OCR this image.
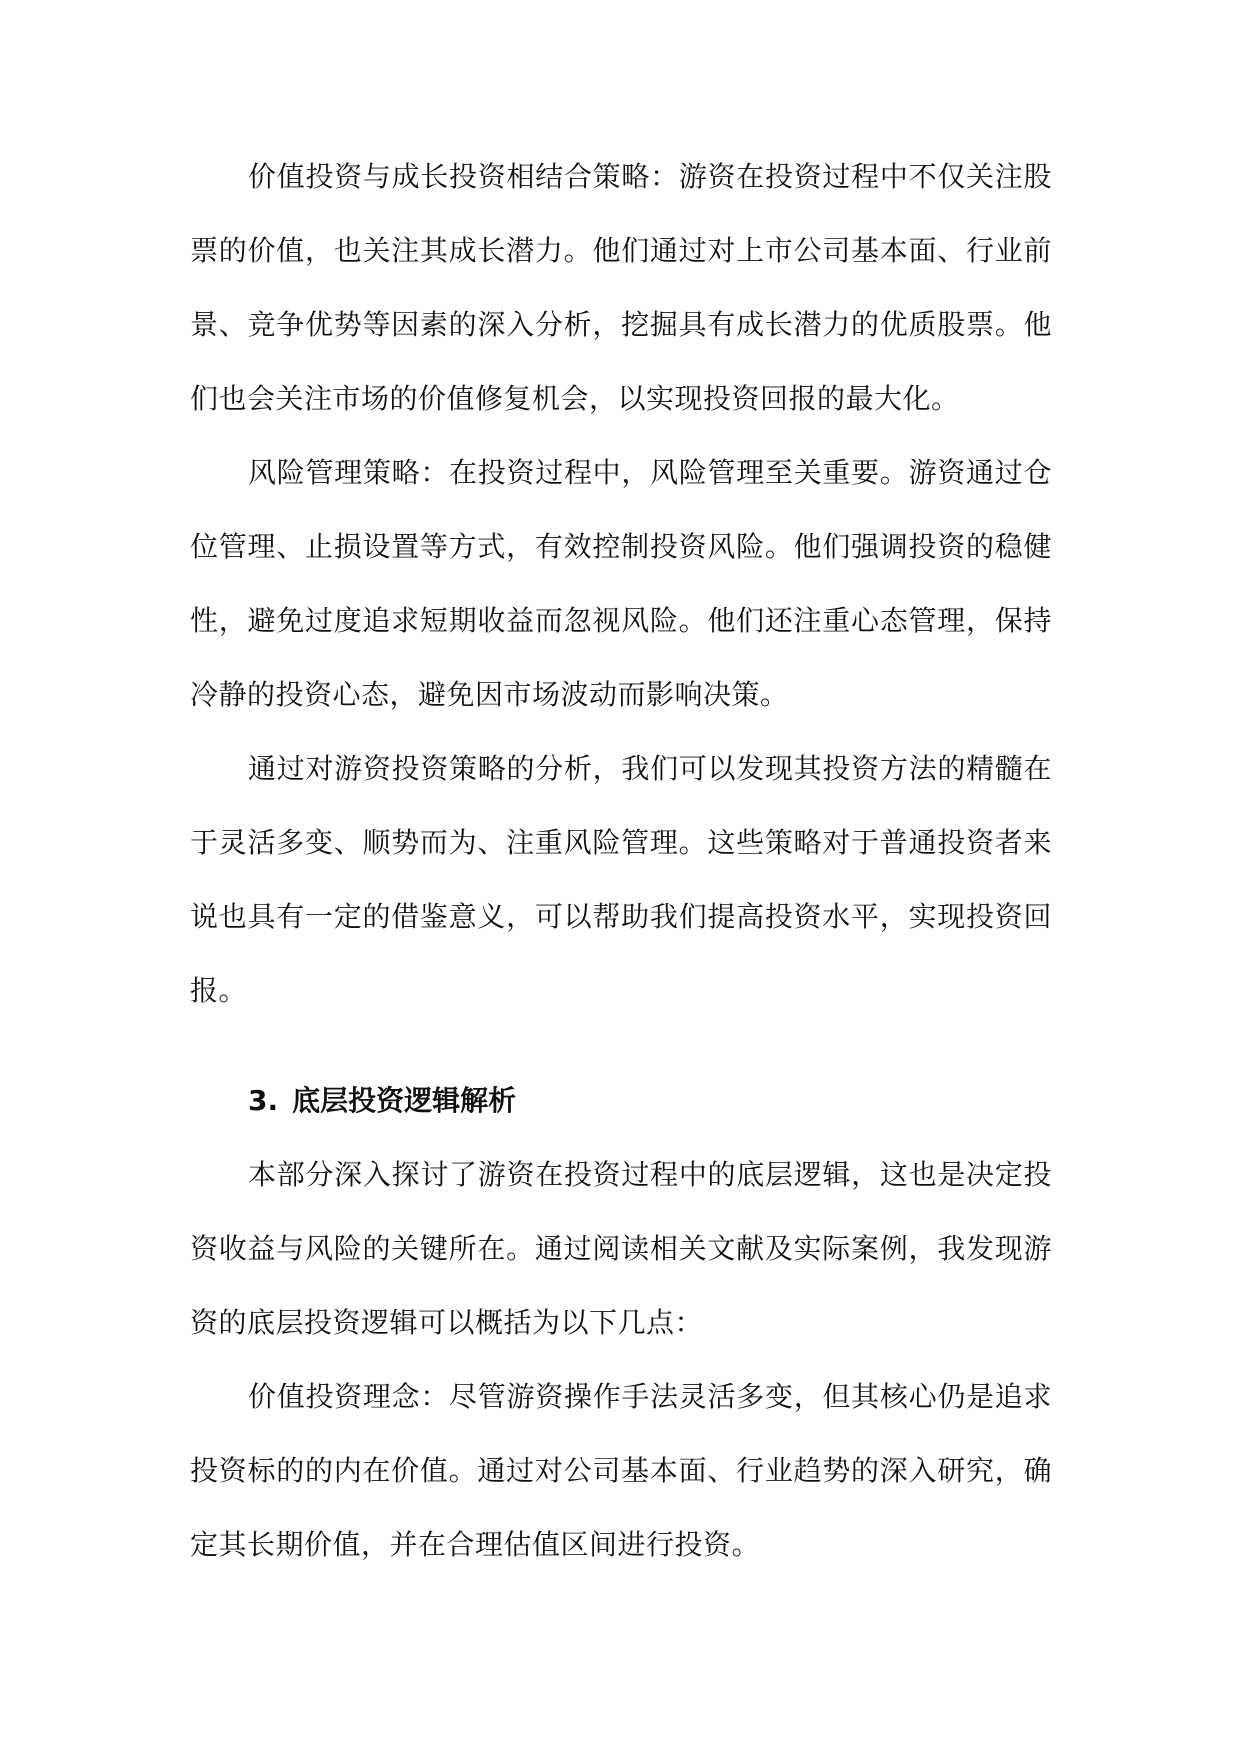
价值投资与成长投资相结合策略：游资在投资过程中不仅关注股票的价值，也关注其成长潜力。他们通过对上市公司基本面、行业前景、竞争优势等因素的深入分析，挖掘具有成长潜力的优质股票。他们也会关注市场的价值修复机会，以实现投资回报的最大化。

风险管理策略：在投资过程中，风险管理至关重要。游资通过仓位管理、止损设置等方式，有效控制投资风险。他们强调投资的稳健性，避免过度追求短期收益而忽视风险。他们还注重心态管理，保持冷静的投资心态，避免因市场波动而影响决策。

通过对游资投资策略的分析，我们可以发现其投资方法的精髓在于灵活多变、顺势而为、注重风险管理。这些策略对于普通投资者来说也具有一定的借鉴意义，可以帮助我们提高投资水平，实现投资回报。

3. 底层投资逻辑解析

本部分深入探讨了游资在投资过程中的底层逻辑，这也是决定投资收益与风险的关键所在。通过阅读相关文献及实际案例，我发现游资的底层投资逻辑可以概括为以下几点：

价值投资理念：尽管游资操作手法灵活多变，但其核心仍是追求投资标的的内在价值。通过对公司基本面、行业趋势的深入研究，确定其长期价值，并在合理估值区间进行投资。
